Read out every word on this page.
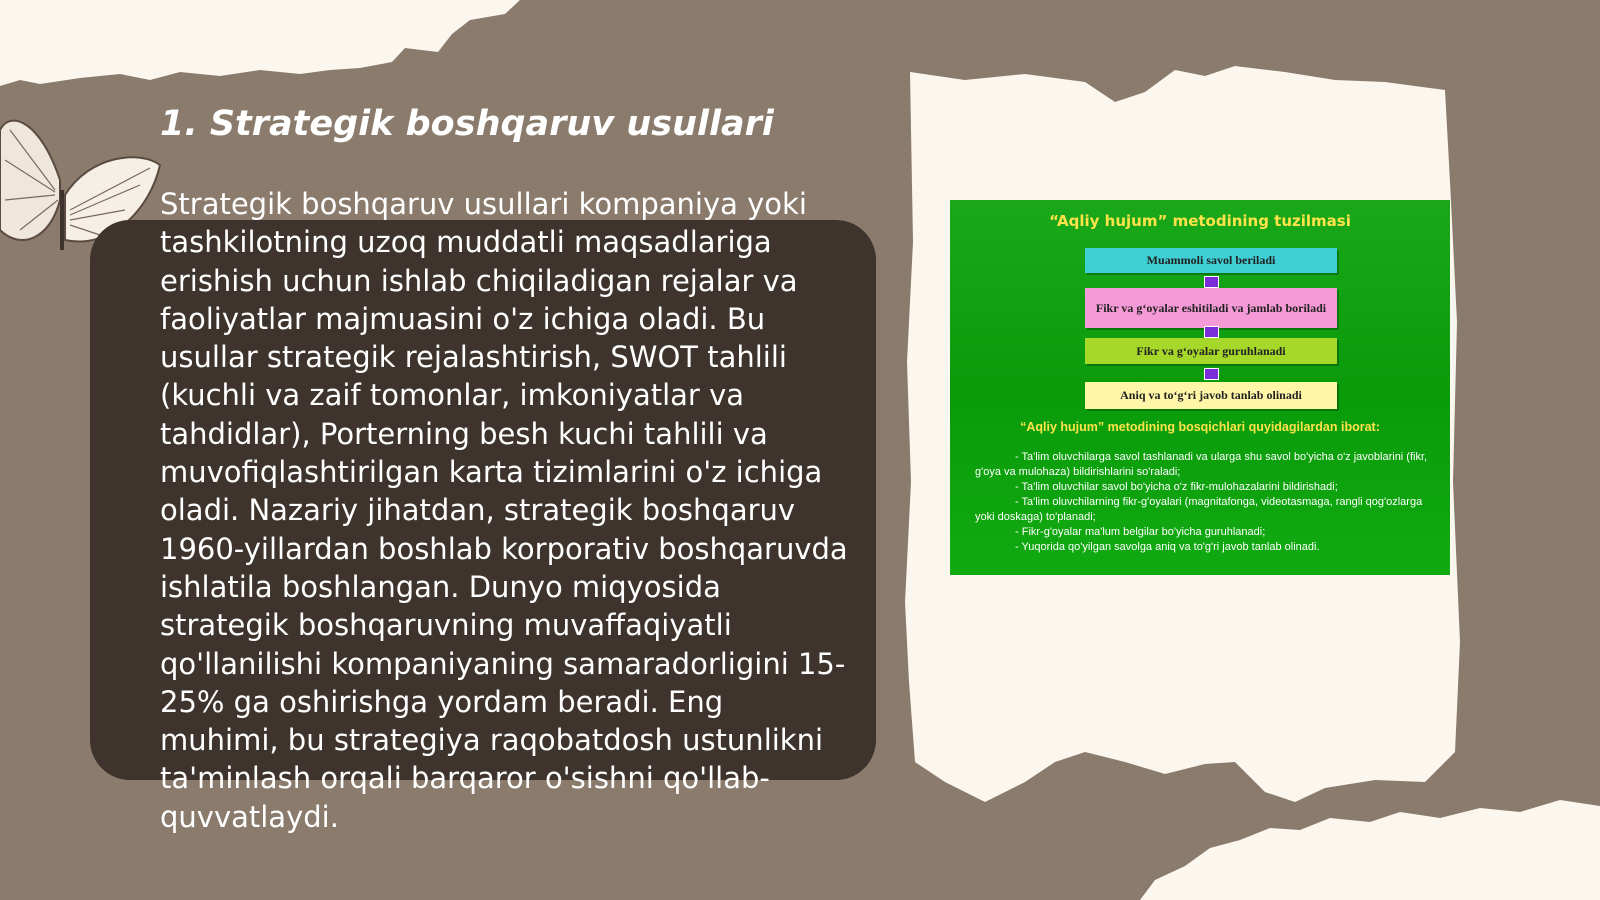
1. Strategik boshqaruv usullari

Strategik boshqaruv usullari kompaniya yoki tashkilotning uzoq muddatli maqsadlariga erishish uchun ishlab chiqiladigan rejalar va faoliyatlar majmuasini o'z ichiga oladi. Bu usullar strategik rejalashtirish, SWOT tahlili (kuchli va zaif tomonlar, imkoniyatlar va tahdidlar), Porterning besh kuchi tahlili va muvofiqlashtirilgan karta tizimlarini o'z ichiga oladi. Nazariy jihatdan, strategik boshqaruv 1960-yillardan boshlab korporativ boshqaruvda ishlatila boshlangan. Dunyo miqyosida strategik boshqaruvning muvaffaqiyatli qo'llanilishi kompaniyaning samaradorligini 15-25% ga oshirishga yordam beradi. Eng muhimi, bu strategiya raqobatdosh ustunlikni ta'minlash orqali barqaror o'sishni qo'llab-quvvatlaydi.

“Aqliy hujum” metodining tuzilmasi
Muammoli savol beriladi
Fikr va g‘oyalar eshitiladi va jamlab boriladi
Fikr va g‘oyalar guruhlanadi
Aniq va to‘g‘ri javob tanlab olinadi
“Aqliy hujum” metodining bosqichlari quyidagilardan iborat:
- Ta'lim oluvchilarga savol tashlanadi va ularga shu savol bo'yicha o'z javoblarini (fikr, g'oya va mulohaza) bildirishlarini so'raladi;
- Ta'lim oluvchilar savol bo'yicha o'z fikr-mulohazalarini bildirishadi;
- Ta'lim oluvchilarning fikr-g'oyalari (magnitafonga, videotasmaga, rangli qog'ozlarga yoki doskaga) to'planadi;
- Fikr-g'oyalar ma'lum belgilar bo'yicha guruhlanadi;
- Yuqorida qo'yilgan savolga aniq va to'g'ri javob tanlab olinadi.
